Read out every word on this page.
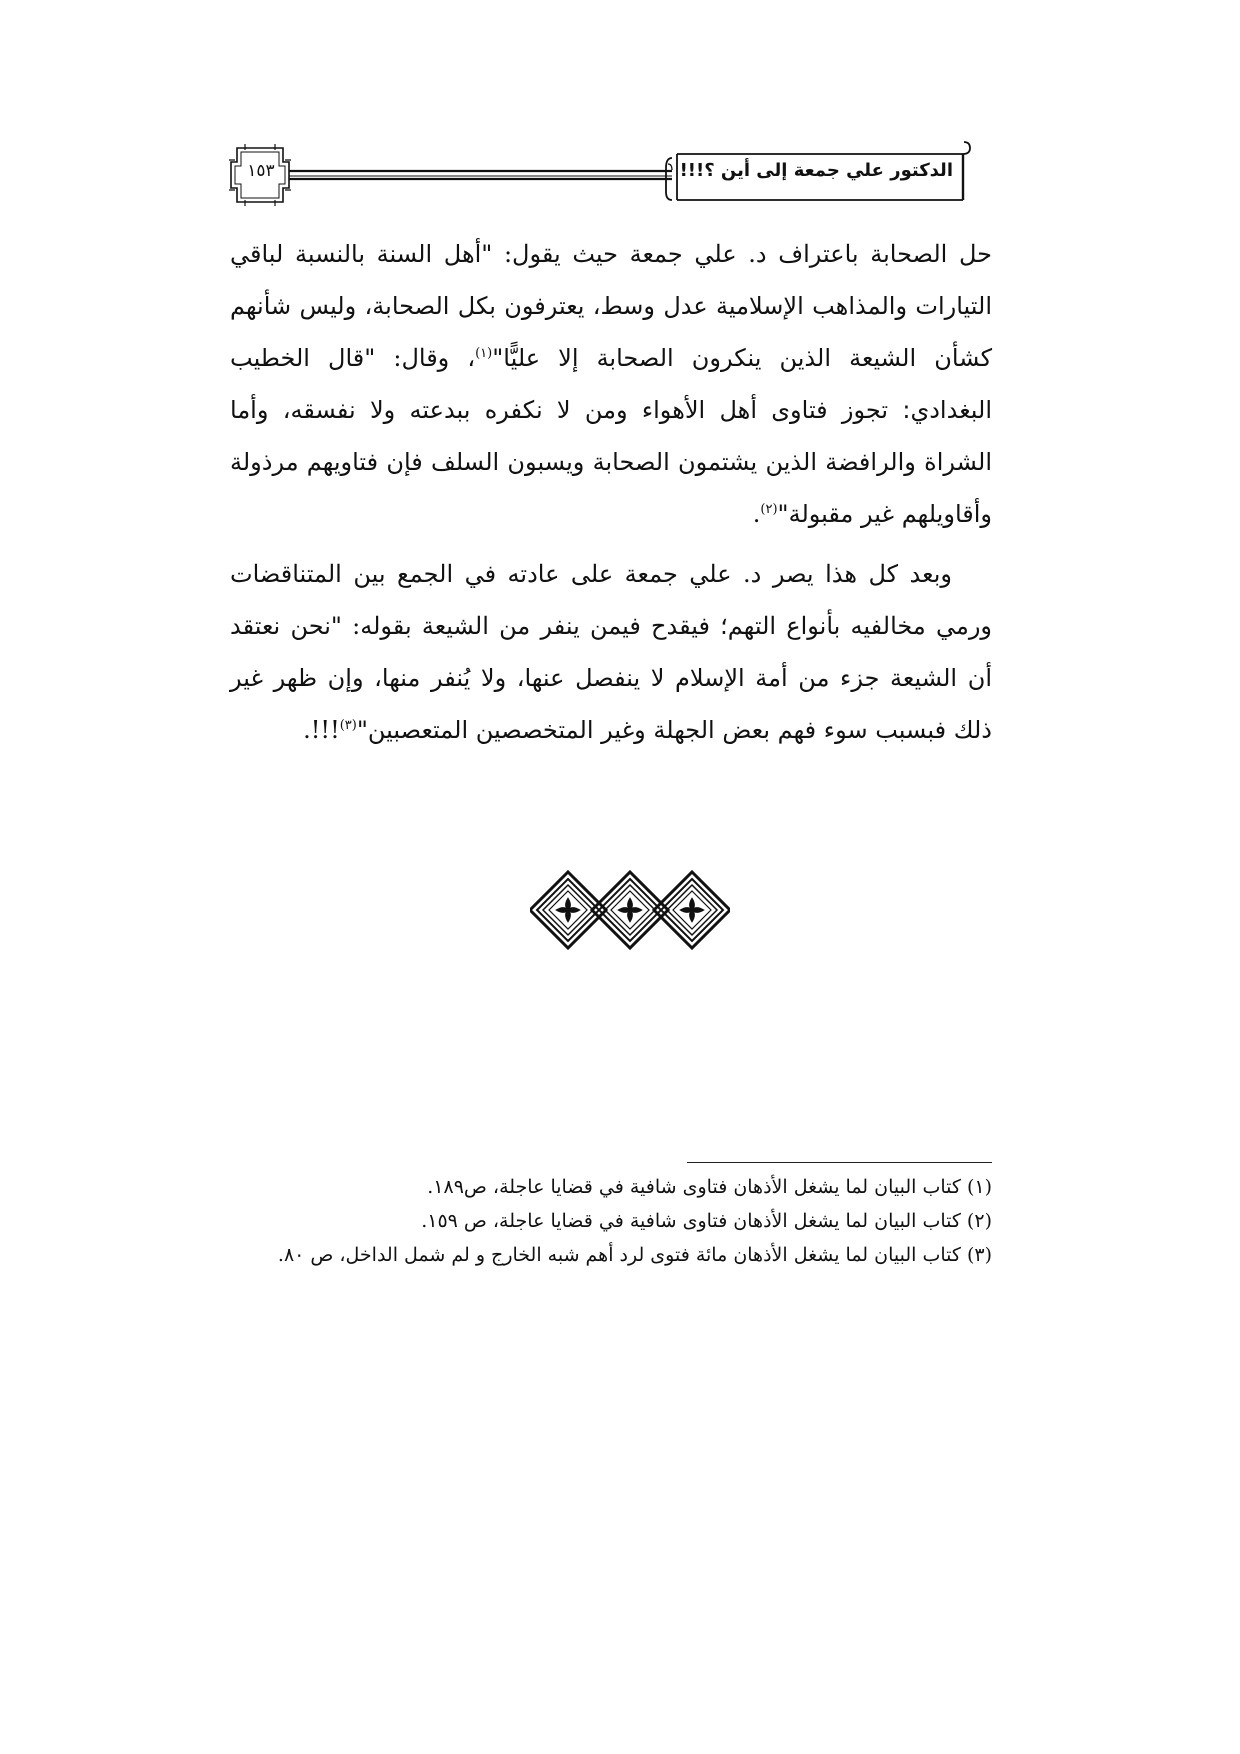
١٥٣	الدكتور علي جمعة إلى أين ؟!!!

حل الصحابة باعتراف د. علي جمعة حيث يقول: "أهل السنة بالنسبة لباقي التيارات والمذاهب الإسلامية عدل وسط، يعترفون بكل الصحابة، وليس شأنهم كشأن الشيعة الذين ينكرون الصحابة إلا عليًّا"$^{(١)}$، وقال: "قال الخطيب البغدادي: تجوز فتاوى أهل الأهواء ومن لا نكفره ببدعته ولا نفسقه، وأما الشراة والرافضة الذين يشتمون الصحابة ويسبون السلف فإن فتاويهم مرذولة وأقاويلهم غير مقبولة"$^{(٢)}$.

وبعد كل هذا يصر د. علي جمعة على عادته في الجمع بين المتناقضات ورمي مخالفيه بأنواع التهم؛ فيقدح فيمن ينفر من الشيعة بقوله: "نحن نعتقد أن الشيعة جزء من أمة الإسلام لا ينفصل عنها، ولا يُنفر منها، وإن ظهر غير ذلك فبسبب سوء فهم بعض الجهلة وغير المتخصصين المتعصبين"$^{(٣)}$!!!.

(١) كتاب البيان لما يشغل الأذهان فتاوى شافية في قضايا عاجلة، ص١٨٩.

(٢) كتاب البيان لما يشغل الأذهان فتاوى شافية في قضايا عاجلة، ص ١٥٩.

(٣) كتاب البيان لما يشغل الأذهان مائة فتوى لرد أهم شبه الخارج و لم شمل الداخل، ص ٨٠.
